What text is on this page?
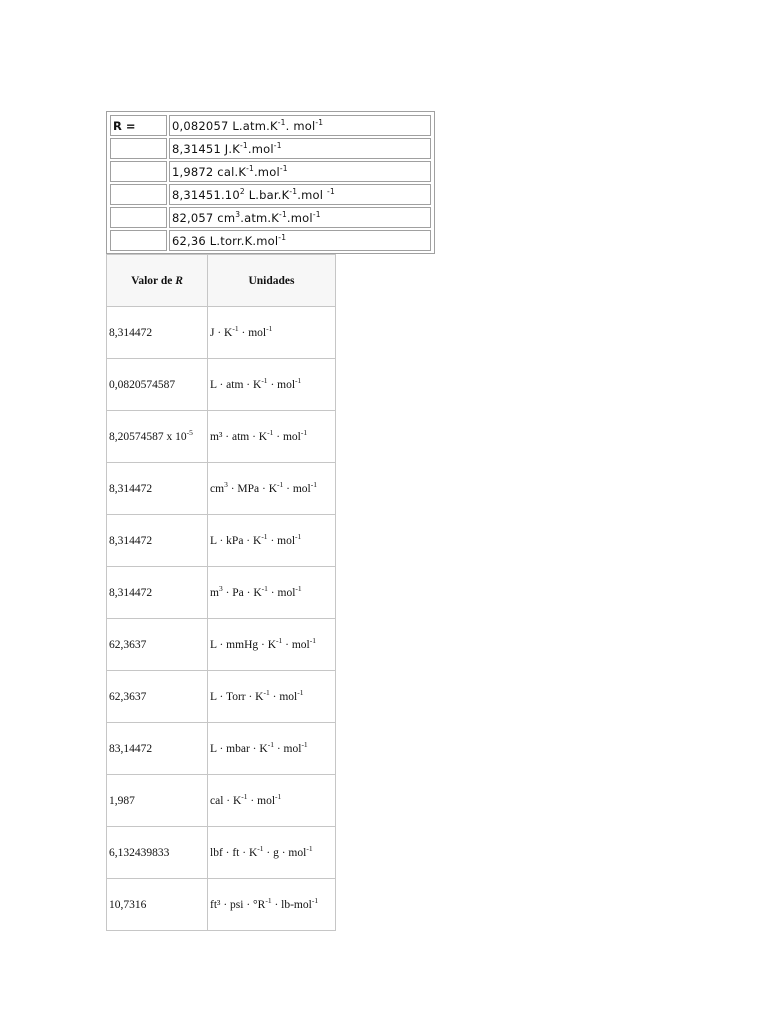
R =	0,082057 $L.atm.K^{-1}$. mol$^{-1}$
	8,31451 $J.K^{-1}.mol^{-1}$
	1,9872 $cal.K^{-1}.mol^{-1}$
	8,31451.10$^2$ $L.bar.K^{-1}.mol$ $^{-1}$
	82,057 $cm^3.atm.K^{-1}.mol^{-1}$
	62,36 L.torr.K.mol$^{-1}$
Valor de R	Unidades
8,314472	$J \cdot K^{-1} \cdot mol^{-1}$
0,0820574587	L · atm · $K^{-1} \cdot mol^{-1}$
8,20574587 x $10^{-5}$	m³ · atm · $K^{-1} \cdot mol^{-1}$
8,314472	$cm^3$ · MPa · $K^{-1} \cdot mol^{-1}$
8,314472	L · kPa · $K^{-1} \cdot mol^{-1}$
8,314472	$m^3 \cdot Pa \cdot K^{-1} \cdot mol^{-1}$
62,3637	L · mmHg · $K^{-1} \cdot mol^{-1}$
62,3637	L · Torr · $K^{-1} \cdot mol^{-1}$
83,14472	L · mbar · $K^{-1} \cdot mol^{-1}$
1,987	cal · $K^{-1} \cdot mol^{-1}$
6,132439833	lbf · ft · $K^{-1} \cdot g \cdot mol^{-1}$
10,7316	ft³ · psi · $^\circ R^{-1} \cdot lb-mol^{-1}$
